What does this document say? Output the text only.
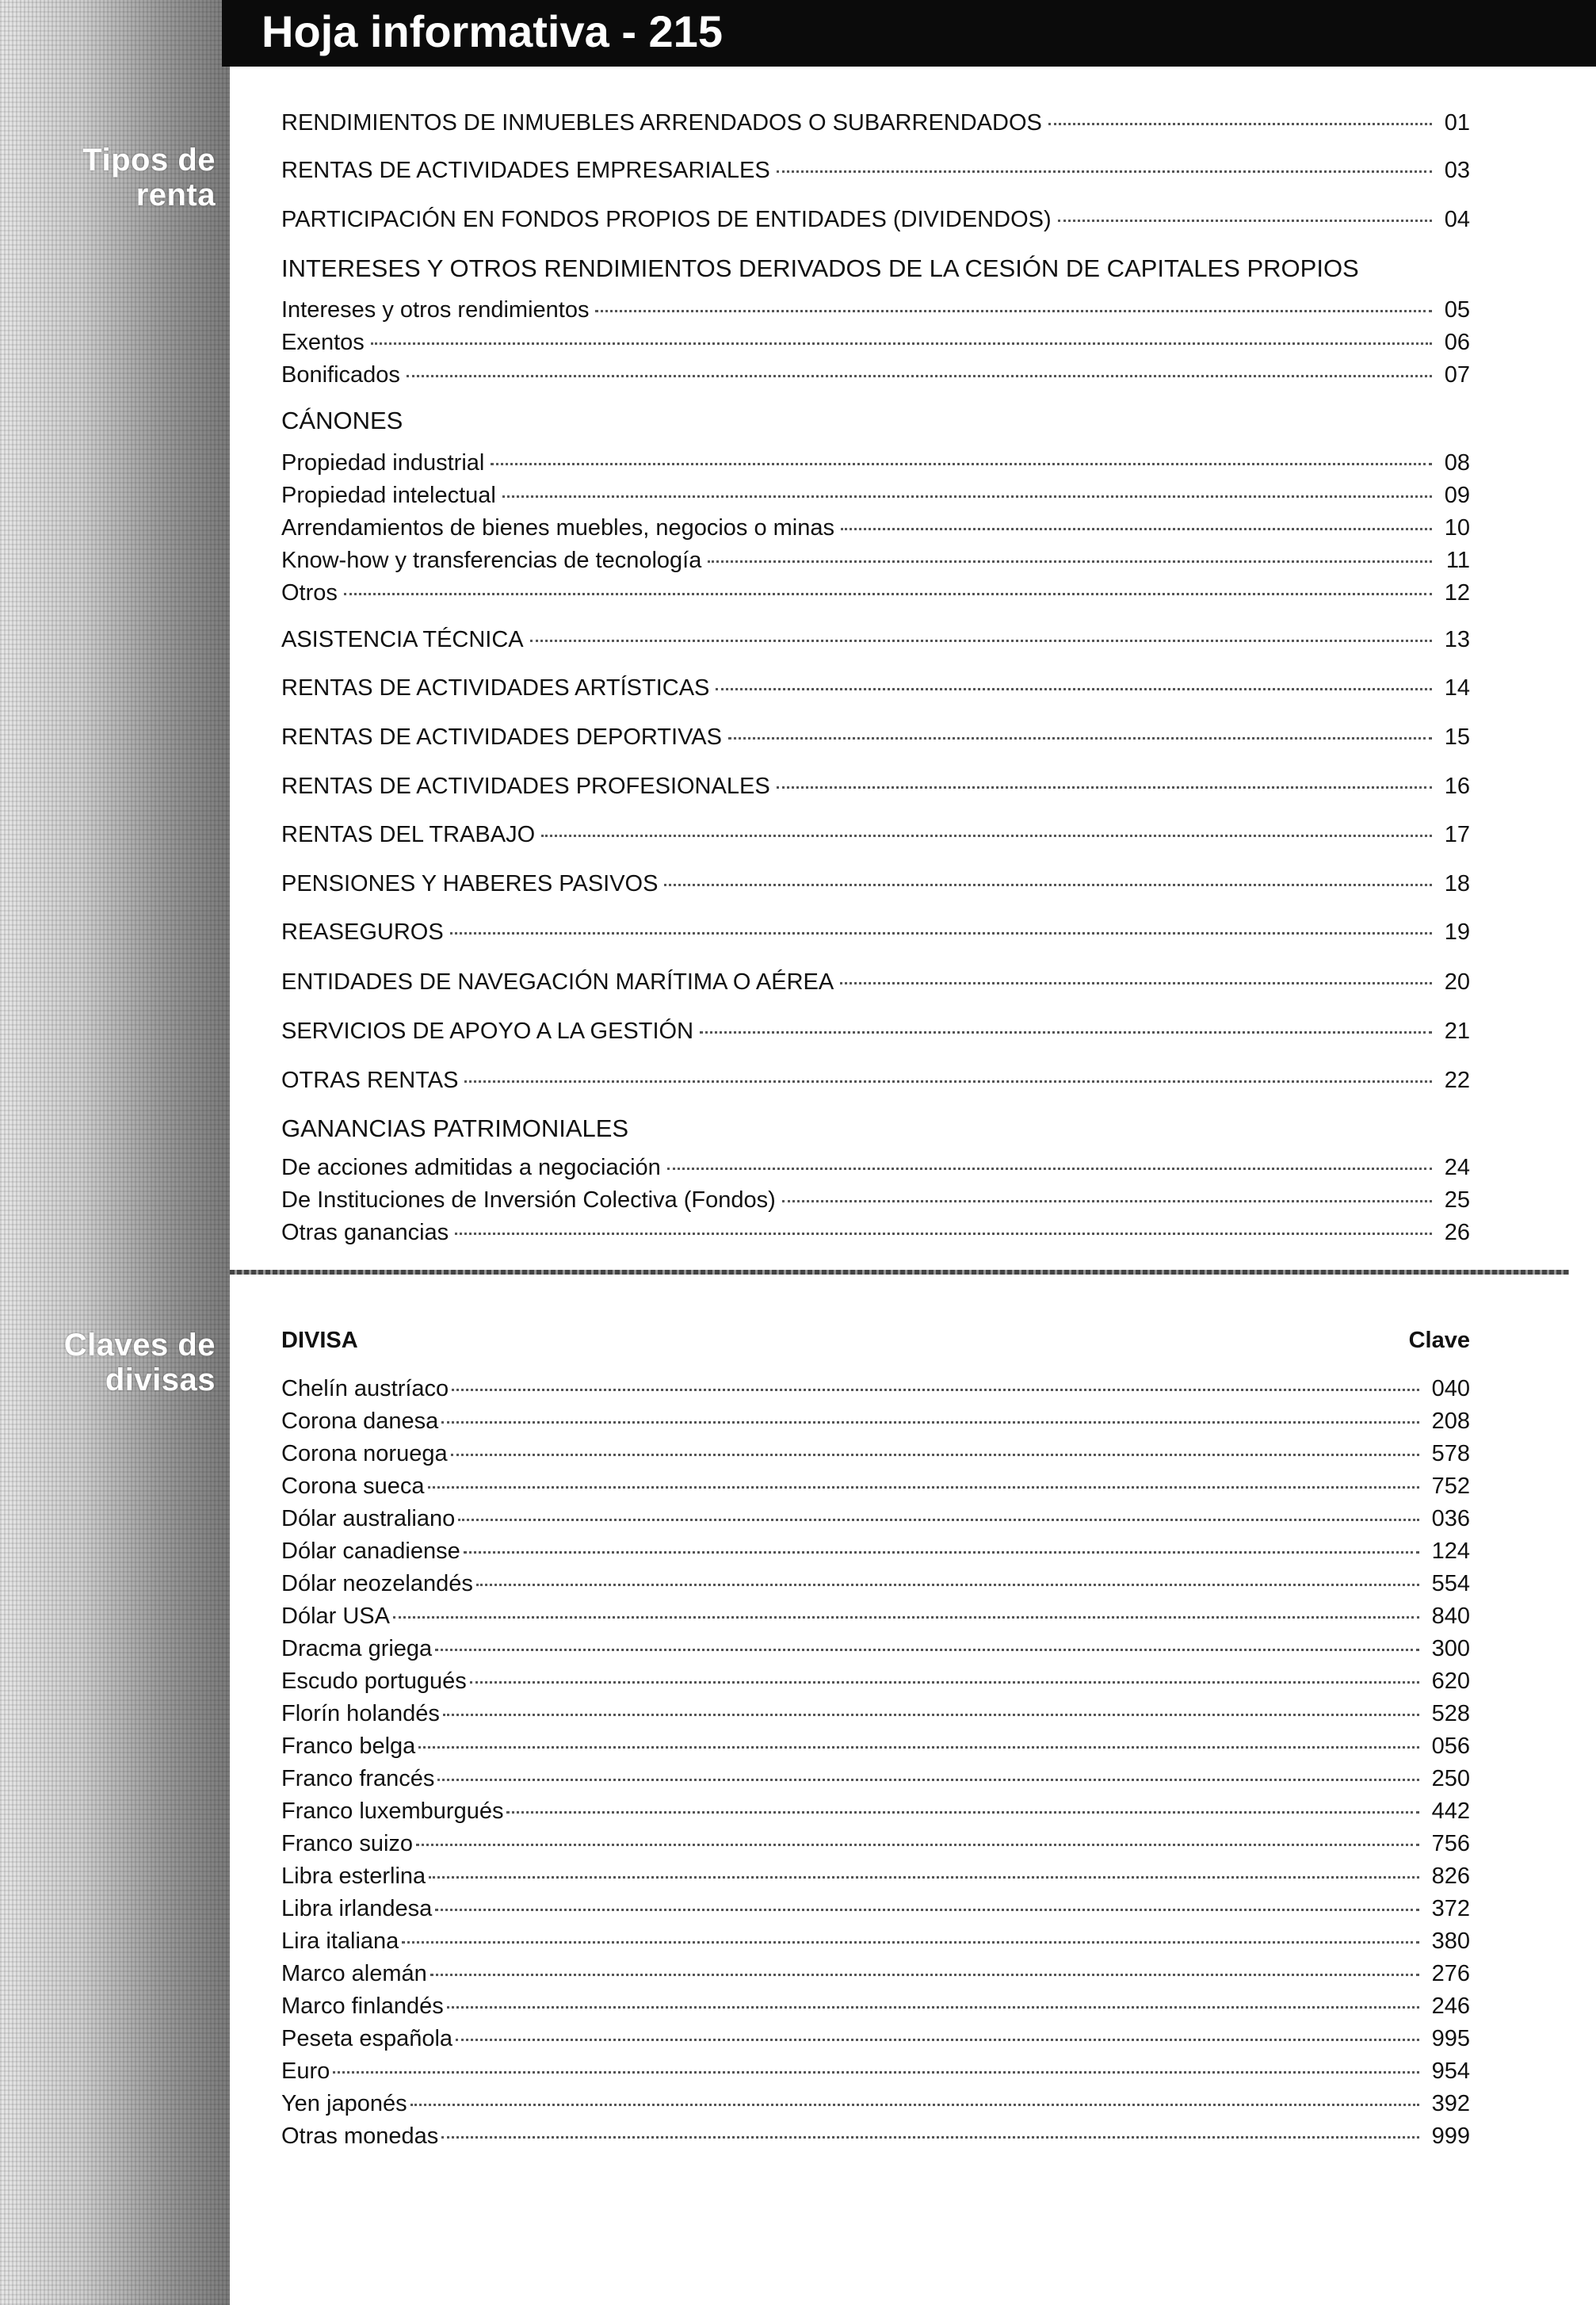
Tipos de renta
Claves de divisas
Hoja informativa - 215
RENDIMIENTOS DE INMUEBLES ARRENDADOS O SUBARRENDADOS	01
RENTAS DE ACTIVIDADES EMPRESARIALES	03
PARTICIPACIÓN EN FONDOS PROPIOS DE ENTIDADES (DIVIDENDOS)	04
INTERESES Y OTROS RENDIMIENTOS DERIVADOS DE LA CESIÓN DE CAPITALES PROPIOS
Intereses y otros rendimientos	05
Exentos	06
Bonificados	07
CÁNONES
Propiedad industrial	08
Propiedad intelectual	09
Arrendamientos de bienes muebles, negocios o minas	10
Know-how y transferencias de tecnología	11
Otros	12
ASISTENCIA TÉCNICA	13
RENTAS DE ACTIVIDADES ARTÍSTICAS	14
RENTAS DE ACTIVIDADES DEPORTIVAS	15
RENTAS DE ACTIVIDADES PROFESIONALES	16
RENTAS DEL TRABAJO	17
PENSIONES Y HABERES PASIVOS	18
REASEGUROS	19
ENTIDADES DE NAVEGACIÓN MARÍTIMA O AÉREA	20
SERVICIOS DE APOYO A LA GESTIÓN	21
OTRAS RENTAS	22
GANANCIAS PATRIMONIALES
De acciones admitidas a negociación	24
De Instituciones de Inversión Colectiva (Fondos)	25
Otras ganancias	26
DIVISA	Clave
Chelín austríaco	040
Corona danesa	208
Corona noruega	578
Corona sueca	752
Dólar australiano	036
Dólar canadiense	124
Dólar neozelandés	554
Dólar USA	840
Dracma griega	300
Escudo portugués	620
Florín holandés	528
Franco belga	056
Franco francés	250
Franco luxemburgués	442
Franco suizo	756
Libra esterlina	826
Libra irlandesa	372
Lira italiana	380
Marco alemán	276
Marco finlandés	246
Peseta española	995
Euro	954
Yen japonés	392
Otras monedas	999
